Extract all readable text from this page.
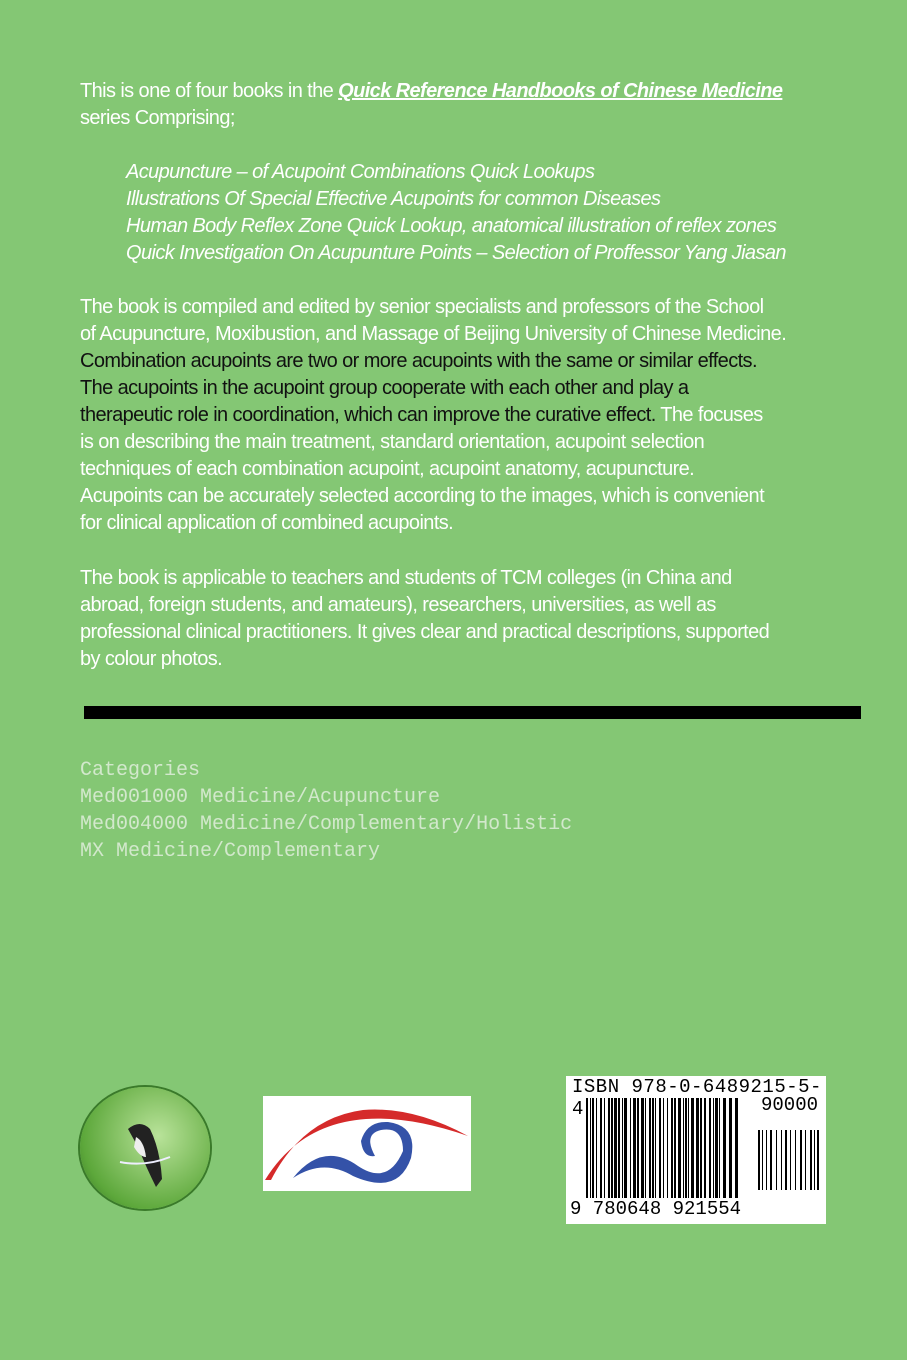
This is one of four books in the Quick Reference Handbooks of Chinese Medicine
series Comprising;
Acupuncture – of Acupoint Combinations Quick Lookups
Illustrations Of Special Effective Acupoints for common Diseases
Human Body Reflex Zone Quick Lookup, anatomical illustration of reflex zones
Quick Investigation On Acupunture Points – Selection of Proffessor Yang Jiasan
The book is compiled and edited by senior specialists and professors of the School
of Acupuncture, Moxibustion, and Massage of Beijing University of Chinese Medicine.
Combination acupoints are two or more acupoints with the same or similar effects.
The acupoints in the acupoint group cooperate with each other and play a
therapeutic role in coordination, which can improve the curative effect. The focuses
is on describing the main treatment, standard orientation, acupoint selection
techniques of each combination acupoint, acupoint anatomy, acupuncture.
Acupoints can be accurately selected according to the images, which is convenient
for clinical application of combined acupoints.
The book is applicable to teachers and students of TCM colleges (in China and
abroad, foreign students, and amateurs), researchers, universities, as well as
professional clinical practitioners. It gives clear and practical descriptions, supported
by colour photos.
Categories
Med001000 Medicine/Acupuncture
Med004000 Medicine/Complementary/Holistic
MX Medicine/Complementary
ISBN 978-0-6489215-5-4	90000
9 780648 921554
